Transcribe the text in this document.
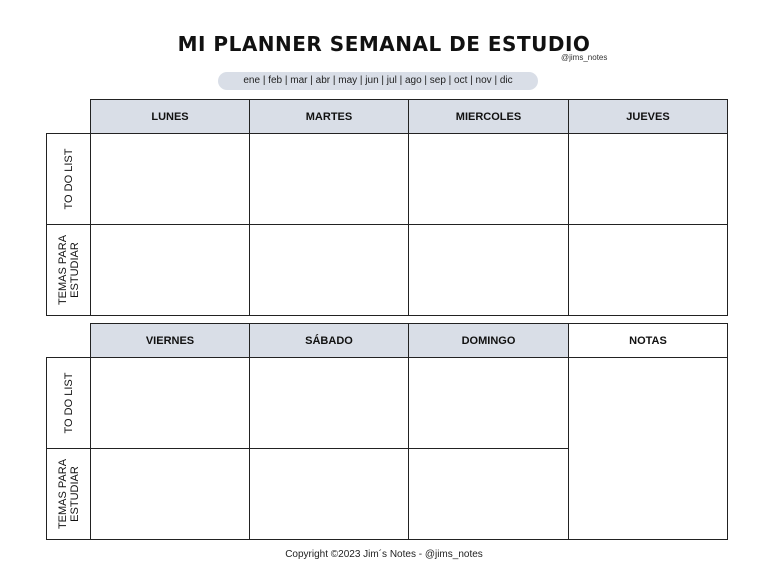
MI PLANNER SEMANAL DE ESTUDIO
@jims_notes
ene | feb | mar | abr | may | jun | jul | ago | sep | oct | nov | dic
	LUNES	MARTES	MIERCOLES	JUEVES

TO DO LIST				

TEMAS PARA ESTUDIAR				

	VIERNES	SÁBADO	DOMINGO	NOTAS

TO DO LIST				

TEMAS PARA ESTUDIAR				

Copyright ©2023 Jim´s Notes - @jims_notes
